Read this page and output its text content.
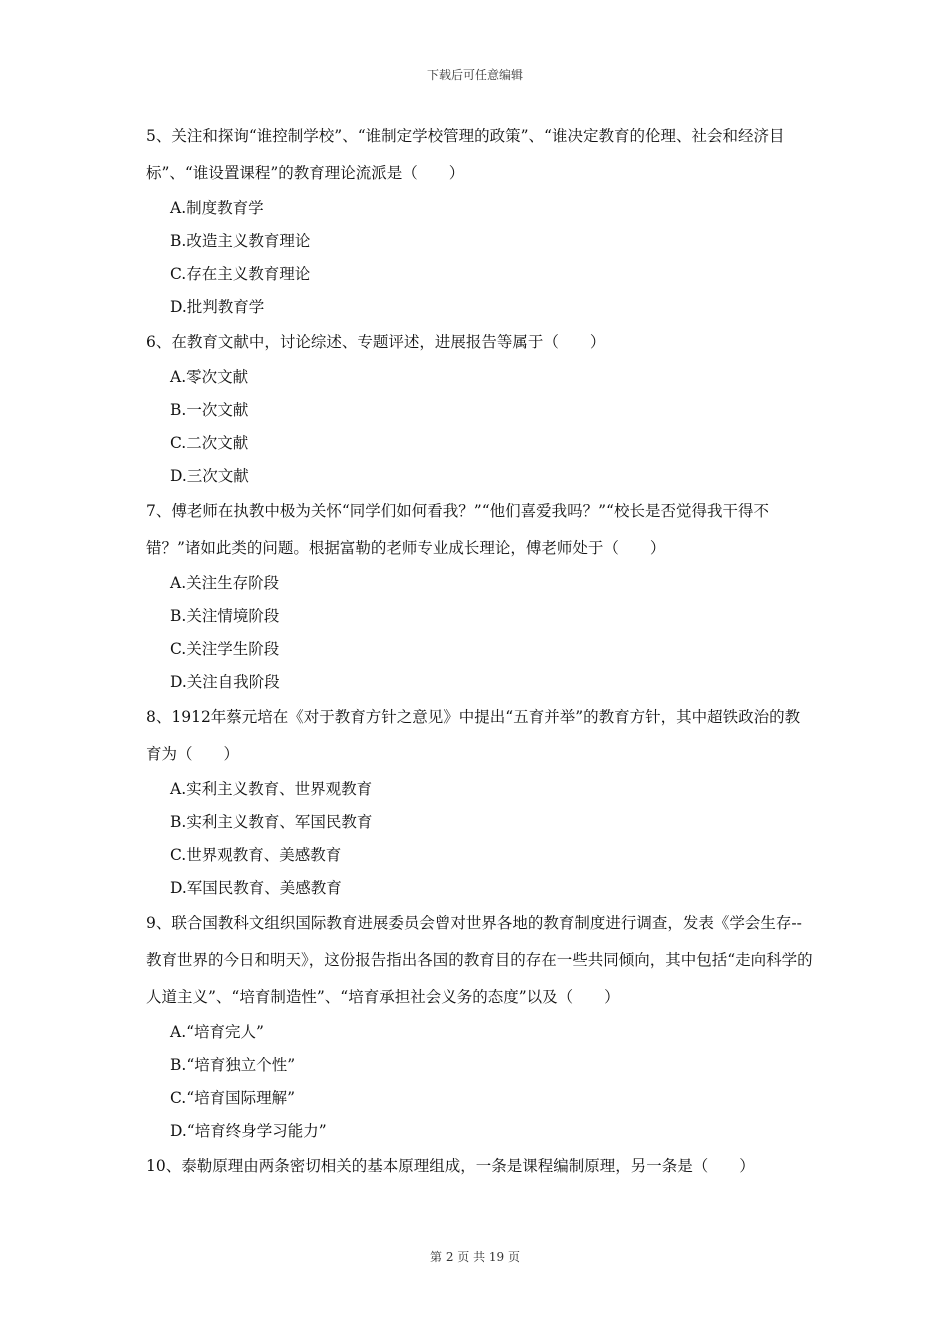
下载后可任意编辑

5、关注和探询“谁控制学校”、“谁制定学校管理的政策”、“谁决定教育的伦理、社会和经济目标”、“谁设置课程”的教育理论流派是（　　）

A.制度教育学

B.改造主义教育理论

C.存在主义教育理论

D.批判教育学

6、在教育文献中，讨论综述、专题评述，进展报告等属于（　　）

A.零次文献

B.一次文献

C.二次文献

D.三次文献

7、傅老师在执教中极为关怀“同学们如何看我？”“他们喜爱我吗？”“校长是否觉得我干得不错？”诸如此类的问题。根据富勒的老师专业成长理论，傅老师处于（　　）

A.关注生存阶段

B.关注情境阶段

C.关注学生阶段

D.关注自我阶段

8、1912年蔡元培在《对于教育方针之意见》中提出“五育并举”的教育方针，其中超铁政治的教育为（　　）

A.实利主义教育、世界观教育

B.实利主义教育、军国民教育

C.世界观教育、美感教育

D.军国民教育、美感教育

9、联合国教科文组织国际教育进展委员会曾对世界各地的教育制度进行调查，发表《学会生存--教育世界的今日和明天》，这份报告指出各国的教育目的存在一些共同倾向，其中包括“走向科学的人道主义”、“培育制造性”、“培育承担社会义务的态度”以及（　　）

A.“培育完人”

B.“培育独立个性”

C.“培育国际理解”

D.“培育终身学习能力”

10、泰勒原理由两条密切相关的基本原理组成，一条是课程编制原理，另一条是（　　）

第 2 页 共 19 页
